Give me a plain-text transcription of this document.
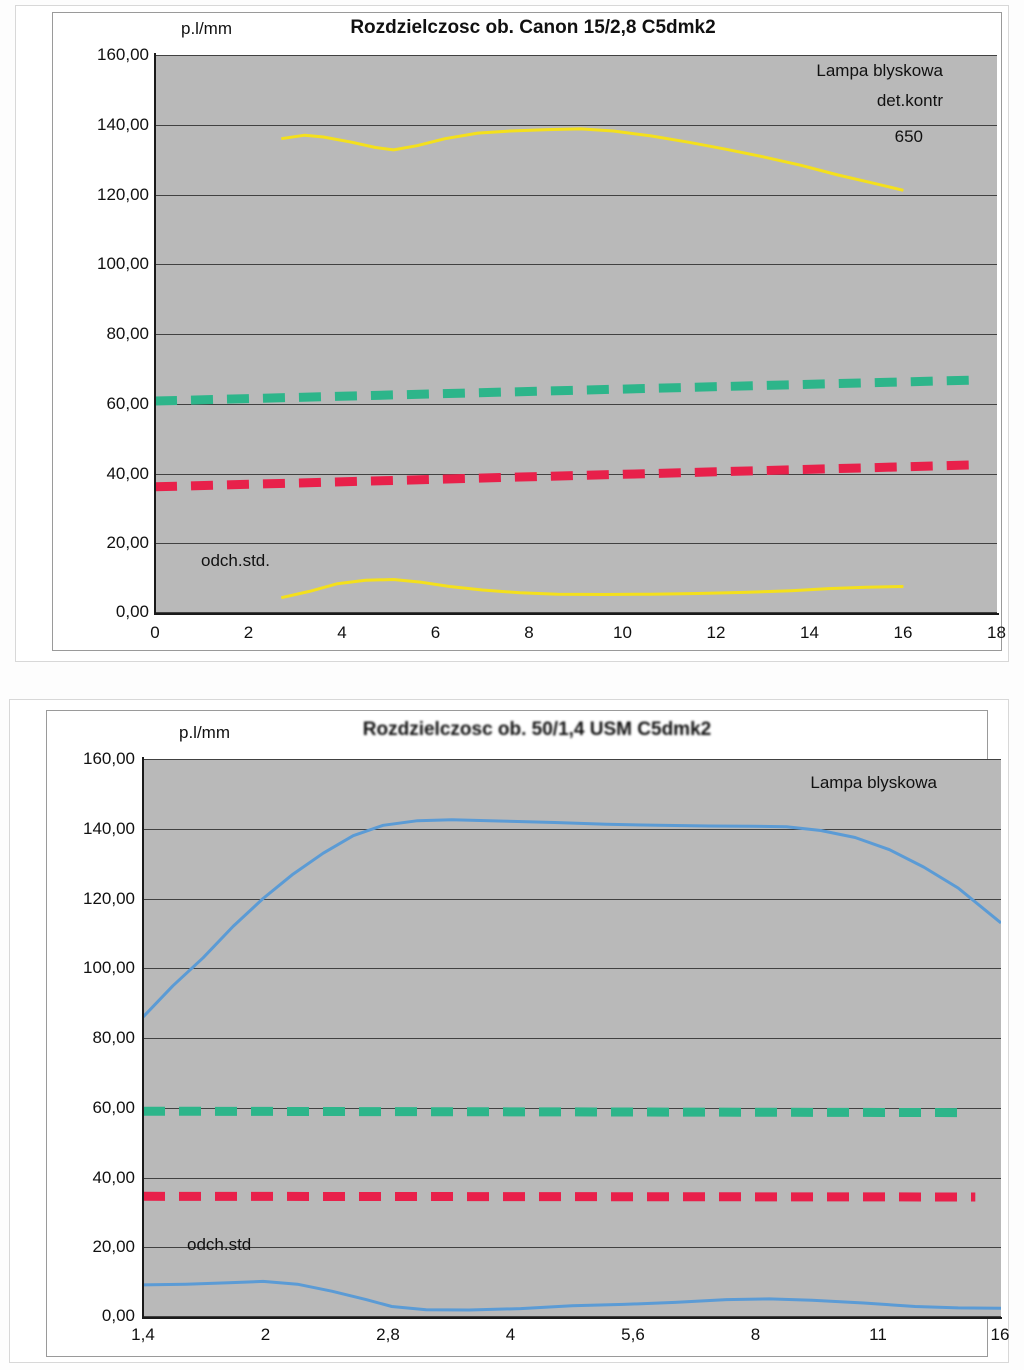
160,00
140,00
120,00
100,00
80,00
60,00
40,00
20,00
0,00
0	2	4	6	8	10	12	14	16	18
p.l/mm	Rozdzielczosc ob. Canon 15/2,8 C5dmk2
Lampa blyskowa
det.kontr
650
odch.std.
160,00
140,00
120,00
100,00
80,00
60,00
40,00
20,00
0,00
1,4	2	2,8	4	5,6	8	11	16
p.l/mm	Rozdzielczosc ob. 50/1,4 USM C5dmk2
Lampa blyskowa
odch.std
